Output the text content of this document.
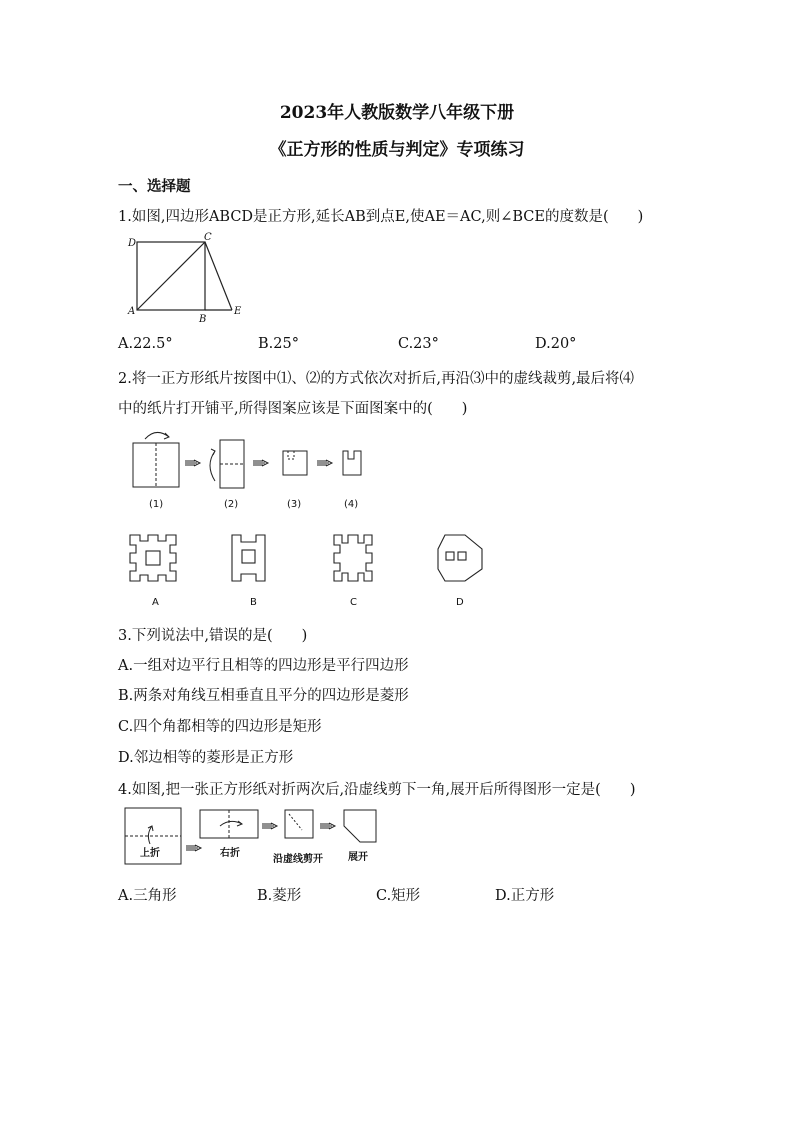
2023年人教版数学八年级下册
《正方形的性质与判定》专项练习
一、选择题
1.如图,四边形ABCD是正方形,延长AB到点E,使AE＝AC,则∠BCE的度数是(　　)
D
C
A
B
E
A.22.5°	B.25°	C.23°	D.20°
2.将一正方形纸片按图中⑴、⑵的方式依次对折后,再沿⑶中的虚线裁剪,最后将⑷
中的纸片打开铺平,所得图案应该是下面图案中的(　　)
(1)	(2)	(3)	(4)
A	B	C	D
3.下列说法中,错误的是(　　)
A.一组对边平行且相等的四边形是平行四边形
B.两条对角线互相垂直且平分的四边形是菱形
C.四个角都相等的四边形是矩形
D.邻边相等的菱形是正方形
4.如图,把一张正方形纸对折两次后,沿虚线剪下一角,展开后所得图形一定是(　　)
上折	右折
沿虚线剪开	展开
A.三角形	B.菱形	C.矩形	D.正方形
